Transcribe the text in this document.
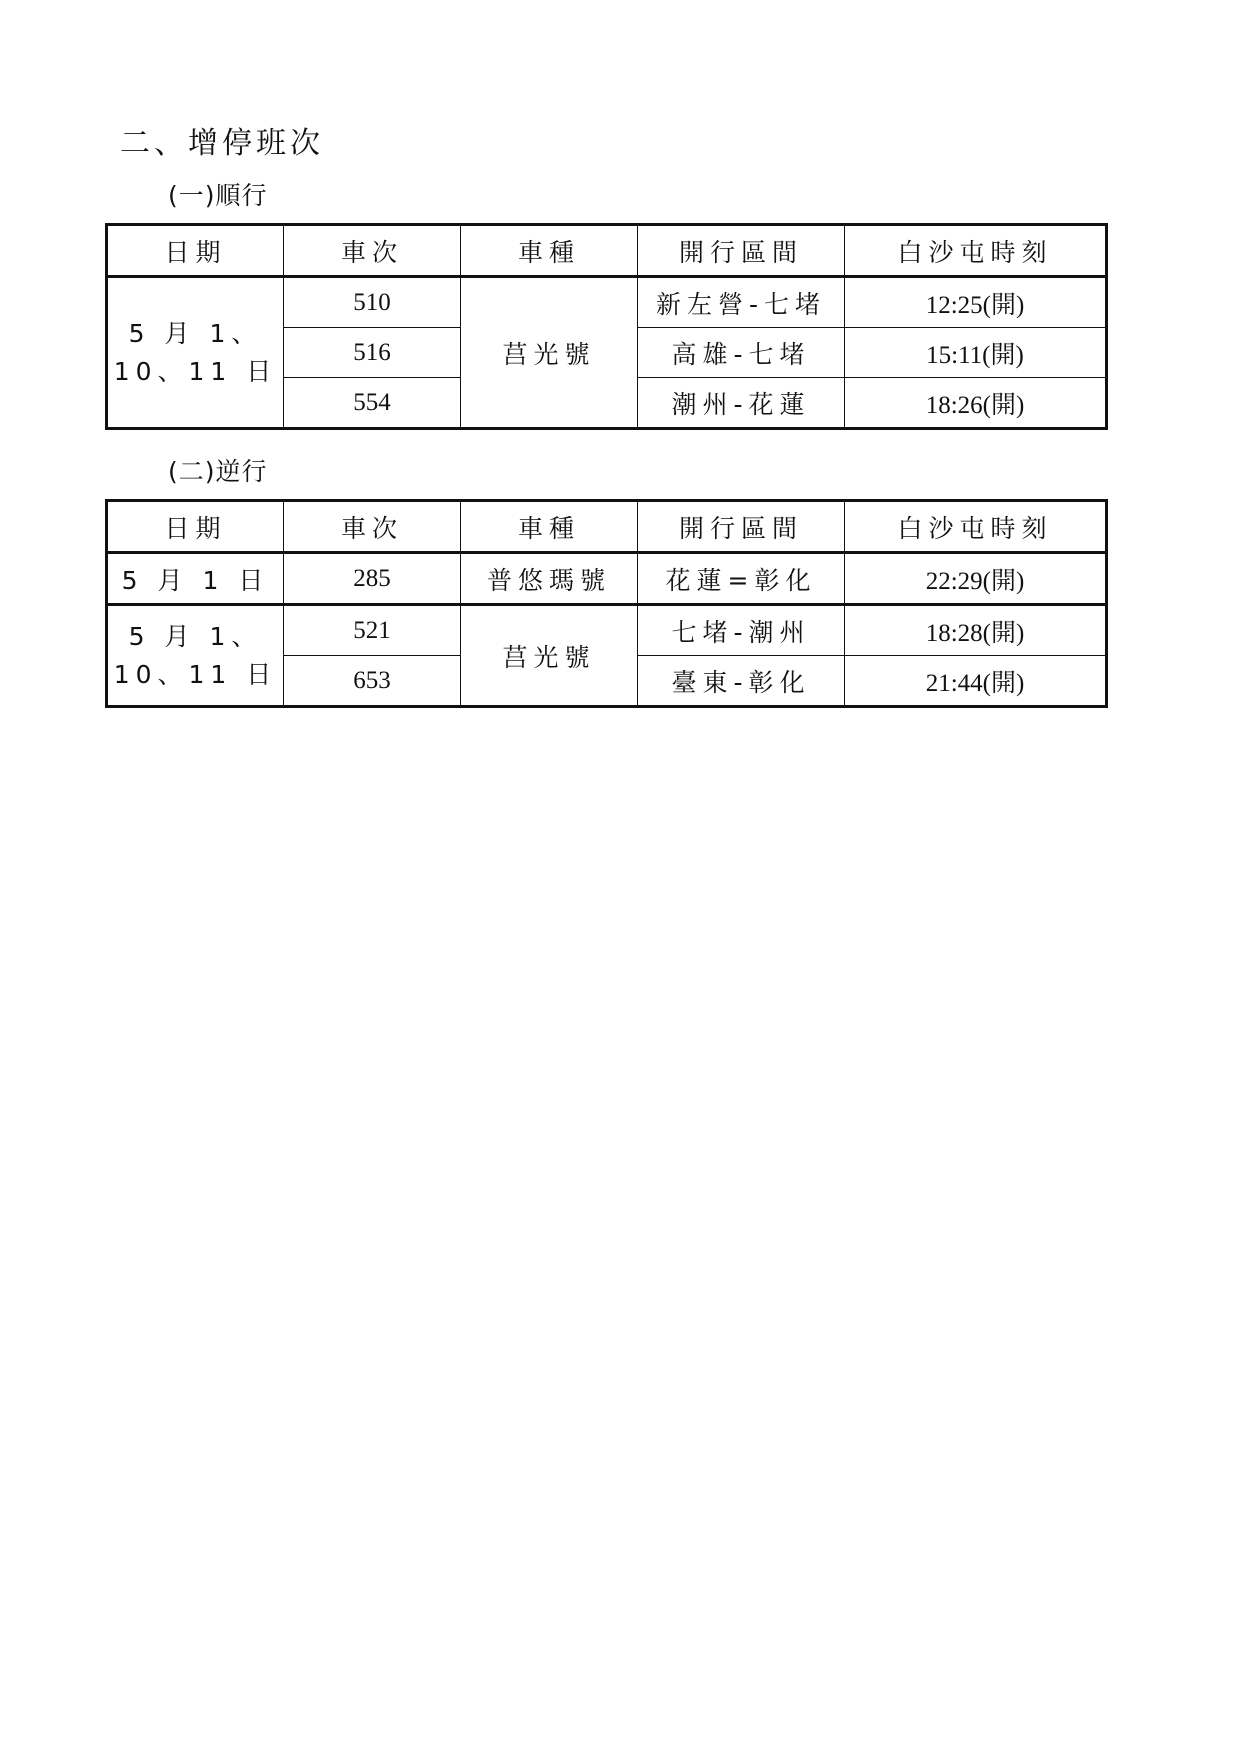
二、增停班次
(一)順行
日期	車次	車種	開行區間	白沙屯時刻

5 月 1、
10、11 日	510	莒光號	新左營-七堵	12:25(開)
	516		高雄-七堵	15:11(開)
	554		潮州-花蓮	18:26(開)
(二)逆行
日期	車次	車種	開行區間	白沙屯時刻
5 月 1 日	285	普悠瑪號	花蓮=彰化	22:29(開)

5 月 1、
10、11 日	521	莒光號	七堵-潮州	18:28(開)
	653		臺東-彰化	21:44(開)
